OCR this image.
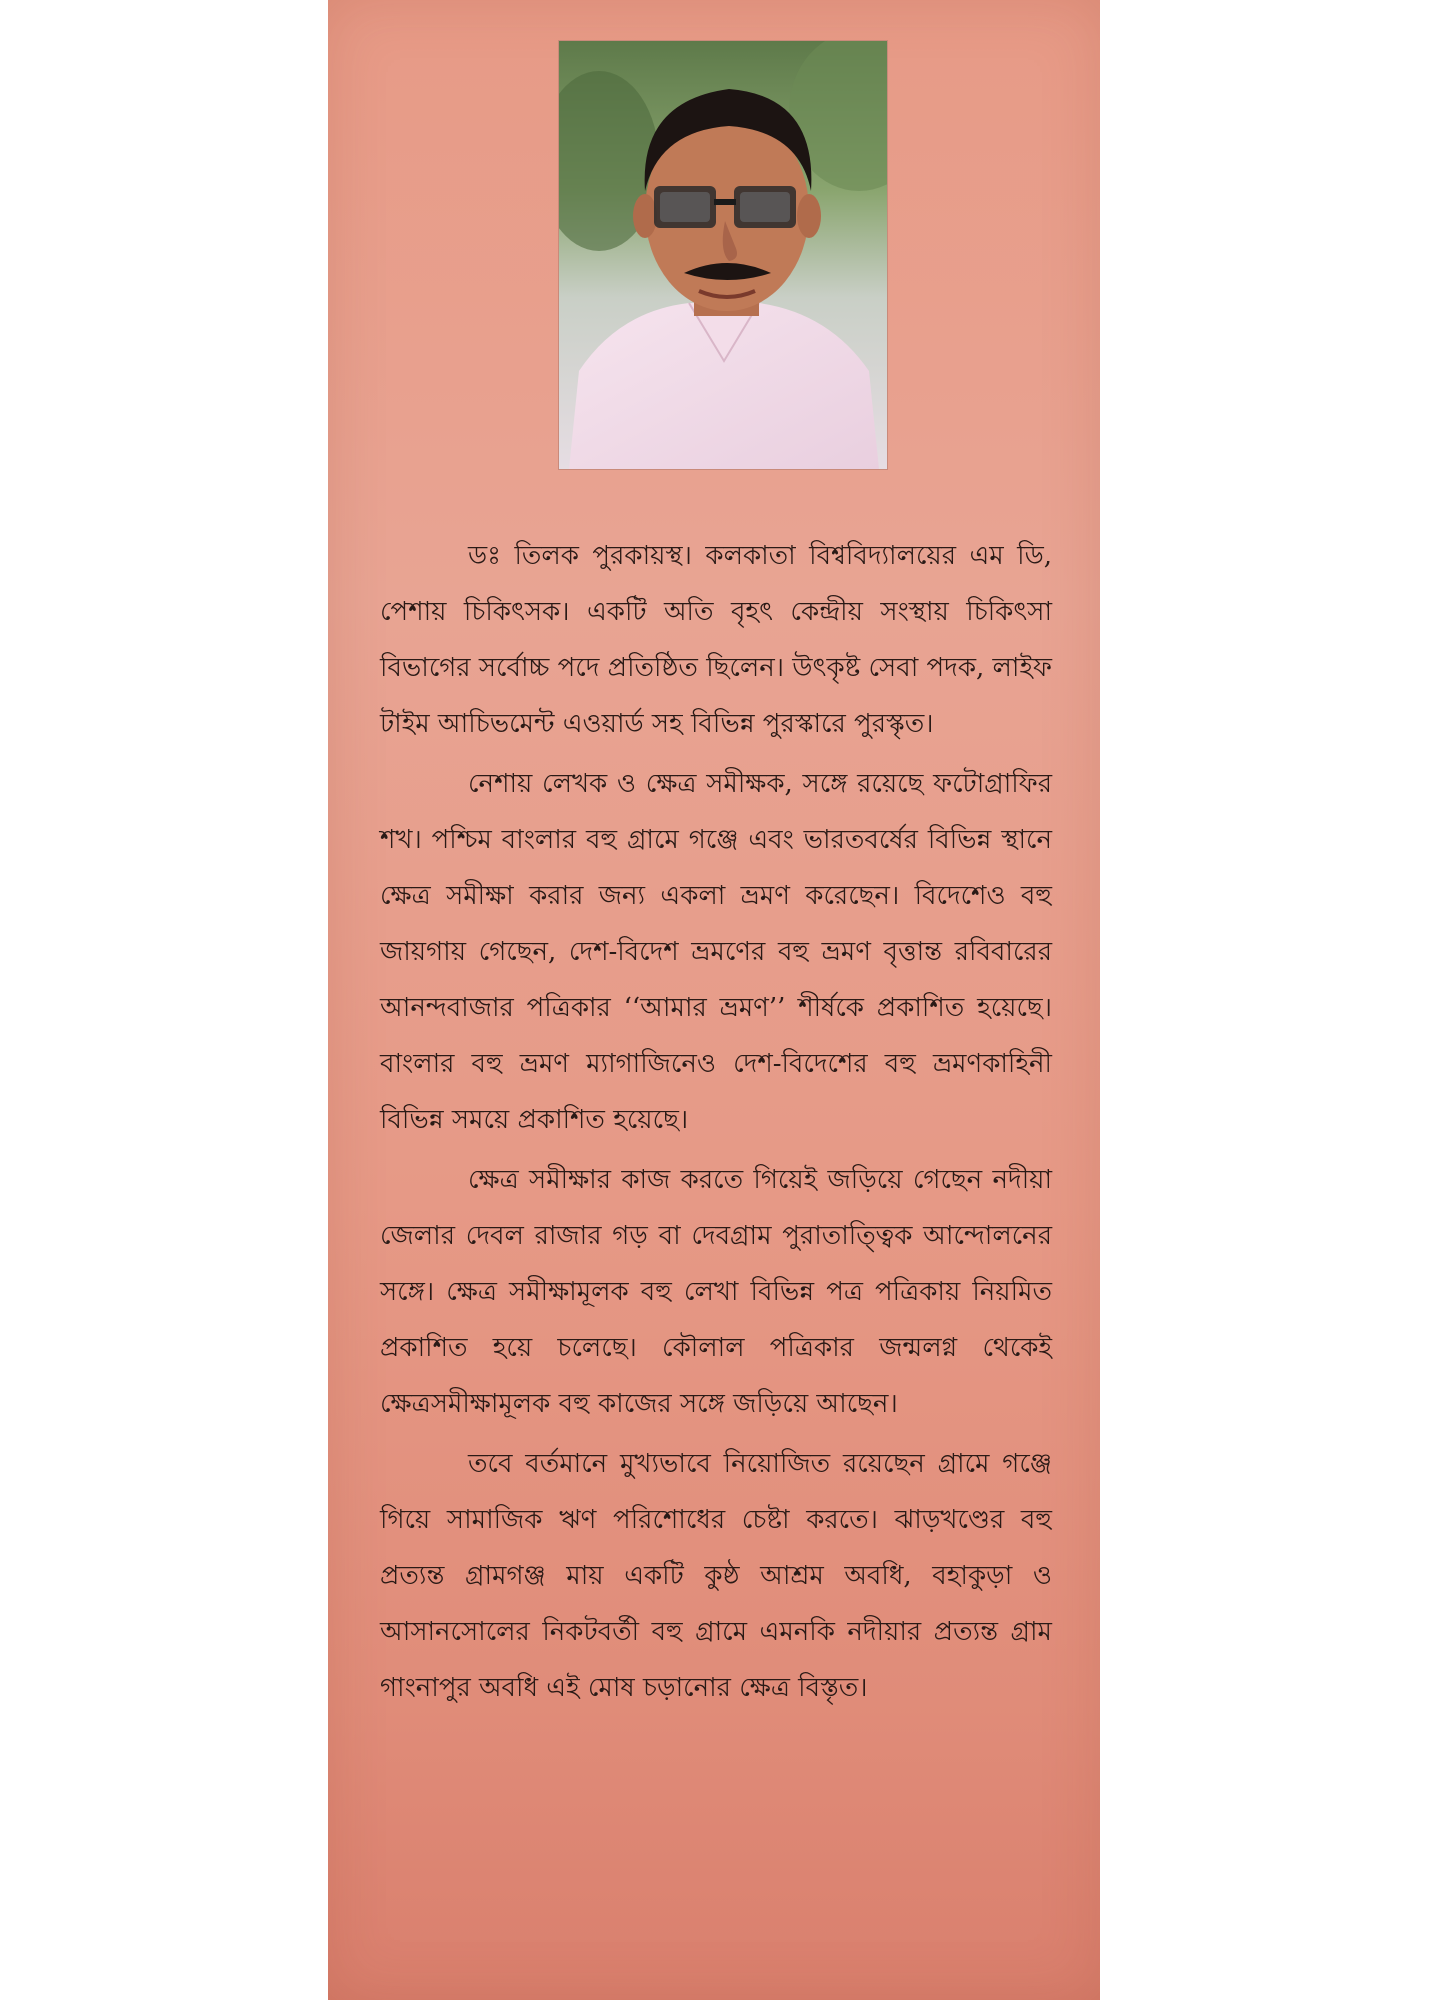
ডঃ তিলক পুরকায়স্থ। কলকাতা বিশ্ববিদ্যালয়ের এম ডি, পেশায় চিকিৎসক। একটি অতি বৃহৎ কেন্দ্রীয় সংস্থায় চিকিৎসা বিভাগের সর্বোচ্চ পদে প্রতিষ্ঠিত ছিলেন। উৎকৃষ্ট সেবা পদক, লাইফ টাইম আচিভমেন্ট এওয়ার্ড সহ বিভিন্ন পুরস্কারে পুরস্কৃত।

নেশায় লেখক ও ক্ষেত্র সমীক্ষক, সঙ্গে রয়েছে ফটোগ্রাফির শখ। পশ্চিম বাংলার বহু গ্রামে গঞ্জে এবং ভারতবর্ষের বিভিন্ন স্থানে ক্ষেত্র সমীক্ষা করার জন্য একলা ভ্রমণ করেছেন। বিদেশেও বহু জায়গায় গেছেন, দেশ-বিদেশ ভ্রমণের বহু ভ্রমণ বৃত্তান্ত রবিবারের আনন্দবাজার পত্রিকার ‘‘আমার ভ্রমণ’’ শীর্ষকে প্রকাশিত হয়েছে। বাংলার বহু ভ্রমণ ম্যাগাজিনেও দেশ-বিদেশের বহু ভ্রমণকাহিনী বিভিন্ন সময়ে প্রকাশিত হয়েছে।

ক্ষেত্র সমীক্ষার কাজ করতে গিয়েই জড়িয়ে গেছেন নদীয়া জেলার দেবল রাজার গড় বা দেবগ্রাম পুরাতাত্ত্বিক আন্দোলনের সঙ্গে। ক্ষেত্র সমীক্ষামূলক বহু লেখা বিভিন্ন পত্র পত্রিকায় নিয়মিত প্রকাশিত হয়ে চলেছে। কৌলাল পত্রিকার জন্মলগ্ন থেকেই ক্ষেত্রসমীক্ষামূলক বহু কাজের সঙ্গে জড়িয়ে আছেন।

তবে বর্তমানে মুখ্যভাবে নিয়োজিত রয়েছেন গ্রামে গঞ্জে গিয়ে সামাজিক ঋণ পরিশোধের চেষ্টা করতে। ঝাড়খণ্ডের বহু প্রত্যন্ত গ্রামগঞ্জ মায় একটি কুষ্ঠ আশ্রম অবধি, বহাকুড়া ও আসানসোলের নিকটবর্তী বহু গ্রামে এমনকি নদীয়ার প্রত্যন্ত গ্রাম গাংনাপুর অবধি এই মোষ চড়ানোর ক্ষেত্র বিস্তৃত।
